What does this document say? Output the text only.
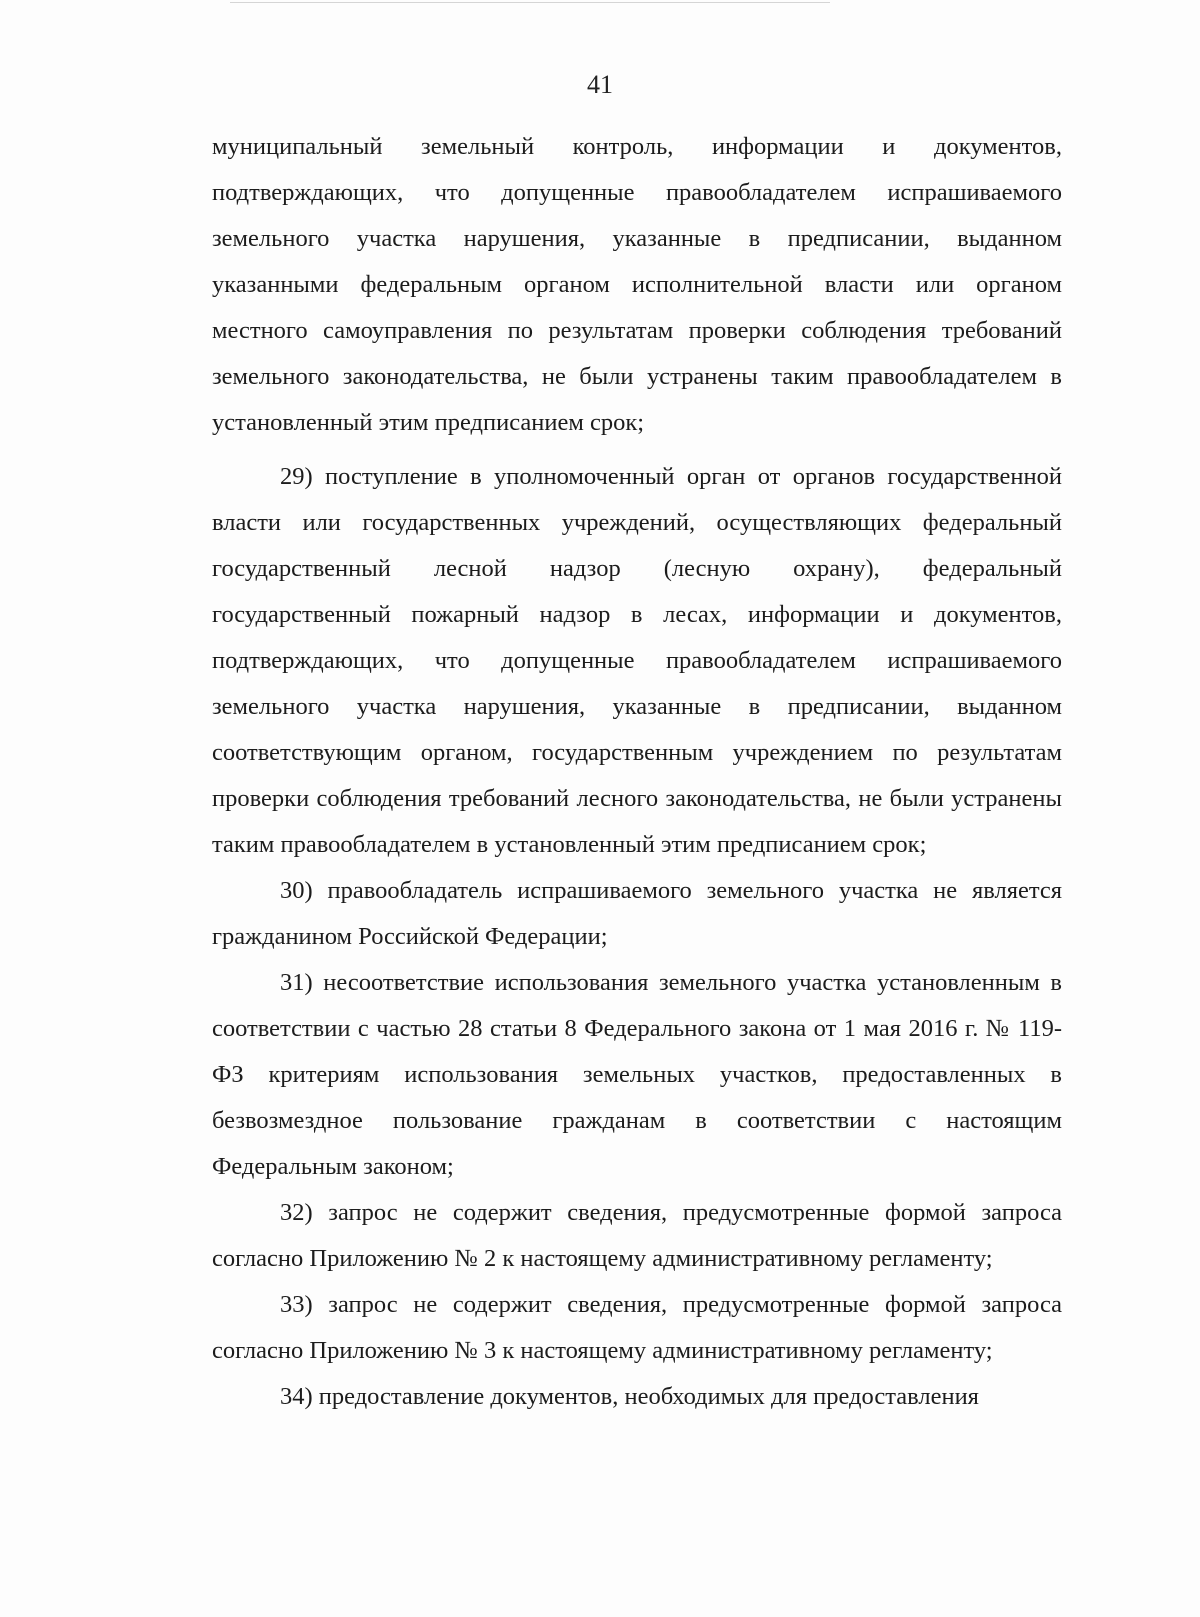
41

муниципальный земельный контроль, информации и документов, подтверждающих, что допущенные правообладателем испрашиваемого земельного участка нарушения, указанные в предписании, выданном указанными федеральным органом исполнительной власти или органом местного самоуправления по результатам проверки соблюдения требований земельного законодательства, не были устранены таким правообладателем в установленный этим предписанием срок;

29) поступление в уполномоченный орган от органов государственной власти или государственных учреждений, осуществляющих федеральный государственный лесной надзор (лесную охрану), федеральный государственный пожарный надзор в лесах, информации и документов, подтверждающих, что допущенные правообладателем испрашиваемого земельного участка нарушения, указанные в предписании, выданном соответствующим органом, государственным учреждением по результатам проверки соблюдения требований лесного законодательства, не были устранены таким правообладателем в установленный этим предписанием срок;

30) правообладатель испрашиваемого земельного участка не является гражданином Российской Федерации;

31) несоответствие использования земельного участка установленным в соответствии с частью 28 статьи 8 Федерального закона от 1 мая 2016 г. № 119-ФЗ критериям использования земельных участков, предоставленных в безвозмездное пользование гражданам в соответствии с настоящим Федеральным законом;

32) запрос не содержит сведения, предусмотренные формой запроса согласно Приложению № 2 к настоящему административному регламенту;

33) запрос не содержит сведения, предусмотренные формой запроса согласно Приложению № 3 к настоящему административному регламенту;

34) предоставление документов, необходимых для предоставления
